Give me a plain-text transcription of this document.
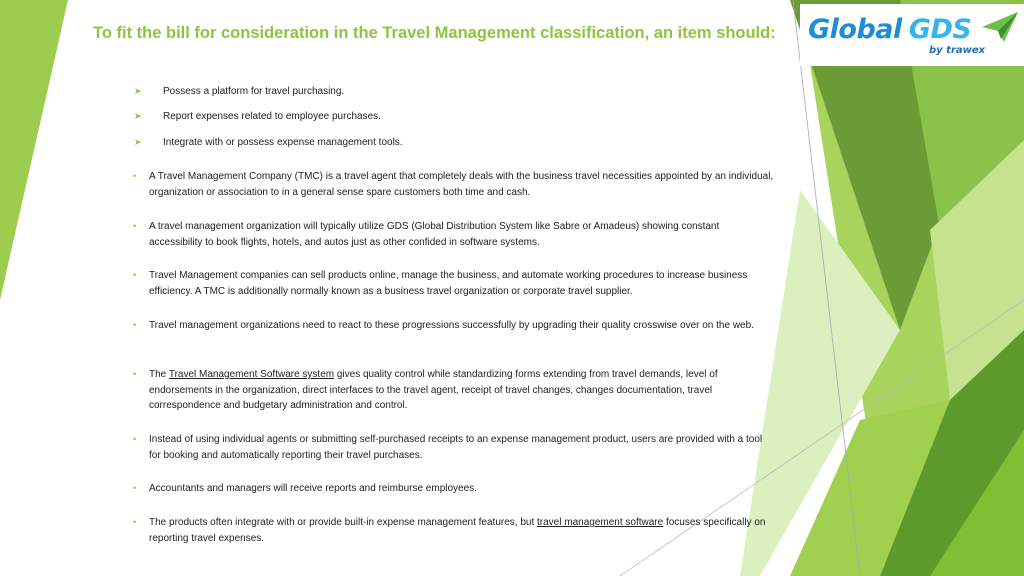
To fit the bill for consideration in the Travel Management classification, an item should:	Global GDS
by trawex
➤ Possess a platform for travel purchasing.
➤ Report expenses related to employee purchases.
➤ Integrate with or possess expense management tools.
• A Travel Management Company (TMC) is a travel agent that completely deals with the business travel necessities appointed by an individual, organization or association to in a general sense spare customers both time and cash.
• A travel management organization will typically utilize GDS (Global Distribution System like Sabre or Amadeus) showing constant accessibility to book flights, hotels, and autos just as other confided in software systems.
• Travel Management companies can sell products online, manage the business, and automate working procedures to increase business efficiency. A TMC is additionally normally known as a business travel organization or corporate travel supplier.
• Travel management organizations need to react to these progressions successfully by upgrading their quality crosswise over on the web.
• The Travel Management Software system gives quality control while standardizing forms extending from travel demands, level of endorsements in the organization, direct interfaces to the travel agent, receipt of travel changes, changes documentation, travel correspondence and budgetary administration and control.
• Instead of using individual agents or submitting self-purchased receipts to an expense management product, users are provided with a tool for booking and automatically reporting their travel purchases.
• Accountants and managers will receive reports and reimburse employees.
• The products often integrate with or provide built-in expense management features, but travel management software focuses specifically on reporting travel expenses.
